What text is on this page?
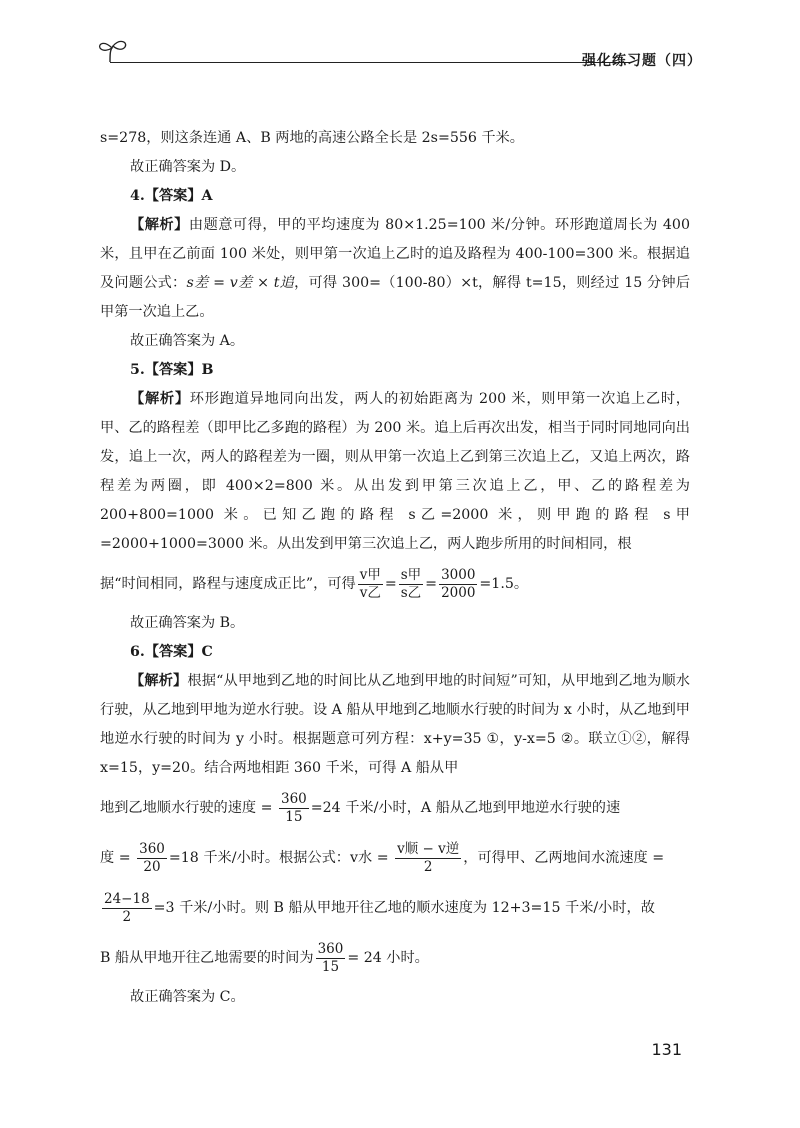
强化练习题（四）

s=278，则这条连通 A、B 两地的高速公路全长是 2s=556 千米。

故正确答案为 D。

4.【答案】A

【解析】由题意可得，甲的平均速度为 80×1.25=100 米/分钟。环形跑道周长为 400 米，且甲在乙前面 100 米处，则甲第一次追上乙时的追及路程为 400-100=300 米。根据追及问题公式：s差 = v差 × t追，可得 300=（100-80）×t，解得 t=15，则经过 15 分钟后甲第一次追上乙。

故正确答案为 A。

5.【答案】B

【解析】环形跑道异地同向出发，两人的初始距离为 200 米，则甲第一次追上乙时，甲、乙的路程差（即甲比乙多跑的路程）为 200 米。追上后再次出发，相当于同时同地同向出发，追上一次，两人的路程差为一圈，则从甲第一次追上乙到第三次追上乙，又追上两次，路程差为两圈，即 400×2=800 米。从出发到甲第三次追上乙，甲、乙的路程差为 200+800=1000 米。已知乙跑的路程 s乙=2000 米，则甲跑的路程 s甲=2000+1000=3000 米。从出发到甲第三次追上乙，两人跑步所用的时间相同，根

据“时间相同，路程与速度成正比”，可得 $\frac{\text{v甲}}{\text{v乙}} = \frac{\text{s甲}}{\text{s乙}} = \frac{3000}{2000} =1.5$。

故正确答案为 B。

6.【答案】C

【解析】根据“从甲地到乙地的时间比从乙地到甲地的时间短”可知，从甲地到乙地为顺水行驶，从乙地到甲地为逆水行驶。设 A 船从甲地到乙地顺水行驶的时间为 x 小时，从乙地到甲地逆水行驶的时间为 y 小时。根据题意可列方程：x+y=35 ①，y-x=5 ②。联立①②，解得 x=15，y=20。结合两地相距 360 千米，可得 A 船从甲

地到乙地顺水行驶的速度 = $\frac{360}{15} =24$ 千米/小时，A 船从乙地到甲地逆水行驶的速

度 = $\frac{360}{20} =18$ 千米/小时。根据公式：v水 = $\frac{\text{v顺 − v逆}}{2}$ ，可得甲、乙两地间水流速度 =

$\frac{24-18}{2} =3$ 千米/小时。则 B 船从甲地开往乙地的顺水速度为 12+3=15 千米/小时，故

B 船从甲地开往乙地需要的时间为 $\frac{360}{15} = 24$ 小时。

故正确答案为 C。

131
